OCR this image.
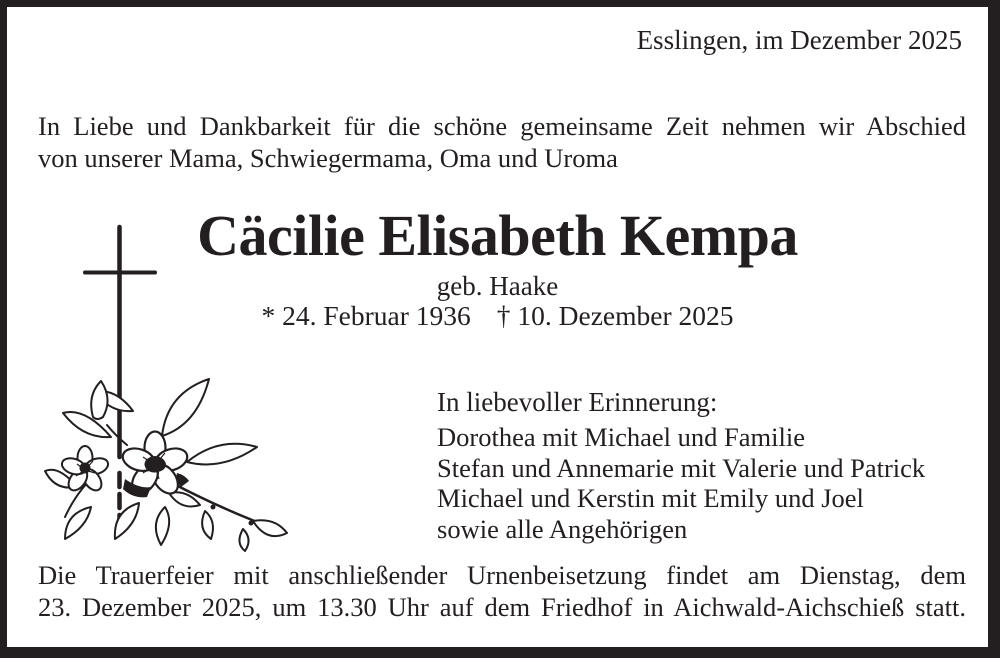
Esslingen, im Dezember 2025
In Liebe und Dankbarkeit für die schöne gemeinsame Zeit nehmen wir Abschied
von unserer Mama, Schwiegermama, Oma und Uroma
Cäcilie Elisabeth Kempa
geb. Haake
* 24. Februar 1936 † 10. Dezember 2025
In liebevoller Erinnerung:
Dorothea mit Michael und Familie
Stefan und Annemarie mit Valerie und Patrick
Michael und Kerstin mit Emily und Joel
sowie alle Angehörigen
Die Trauerfeier mit anschließender Urnenbeisetzung findet am Dienstag, dem
23. Dezember 2025, um 13.30 Uhr auf dem Friedhof in Aichwald-Aichschieß statt.
